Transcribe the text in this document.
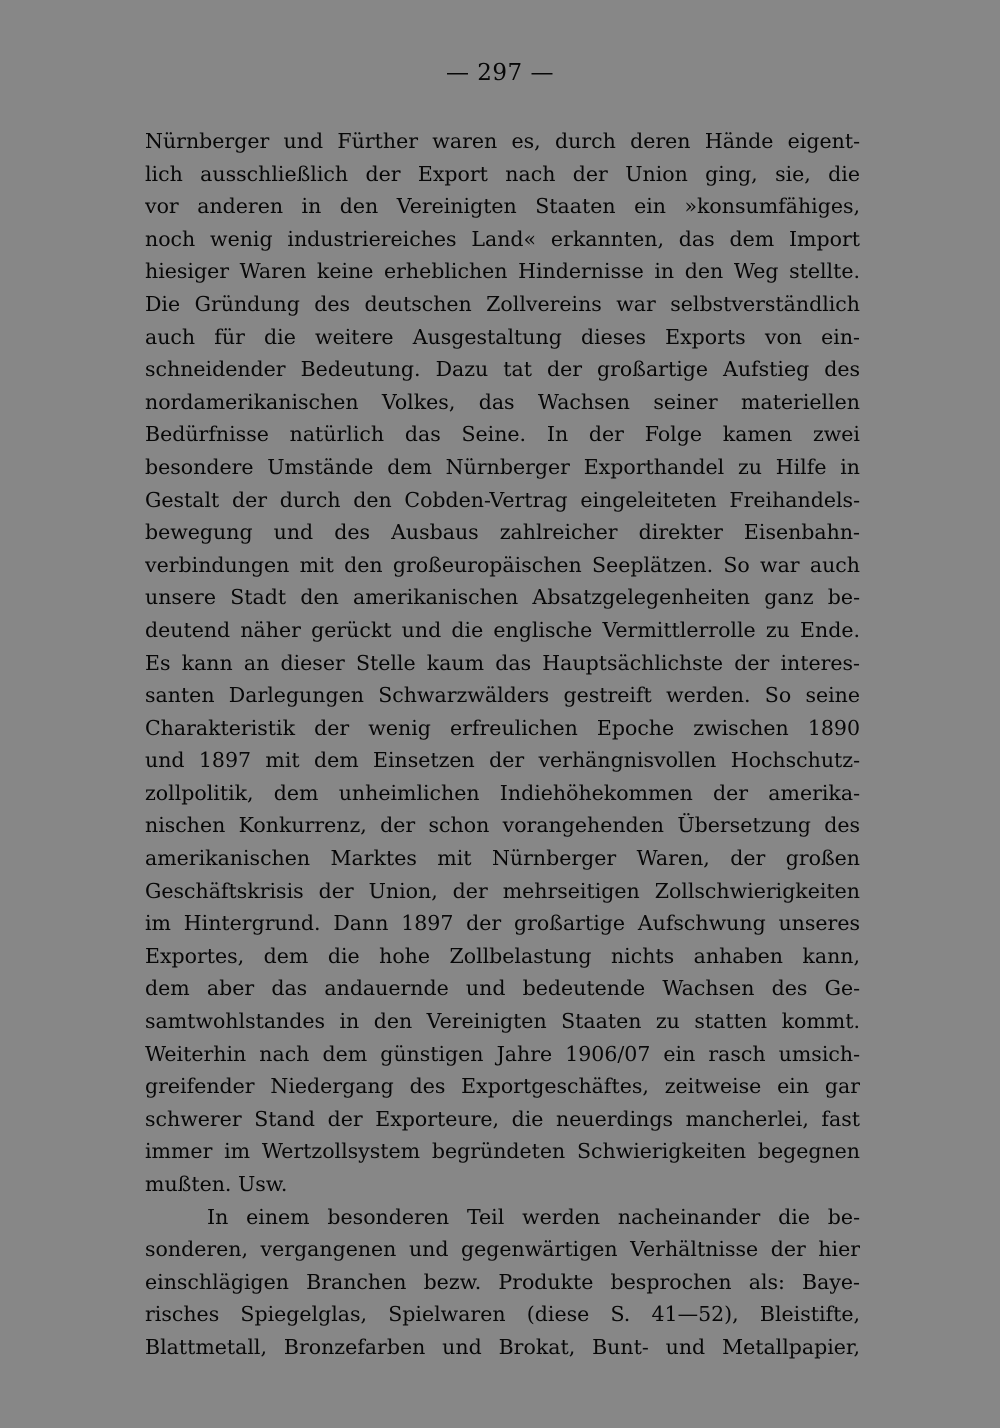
— 297 —
Nürnberger und Fürther waren es, durch deren Hände eigent-
lich ausschließlich der Export nach der Union ging, sie, die
vor anderen in den Vereinigten Staaten ein »konsumfähiges,
noch wenig industriereiches Land« erkannten, das dem Import
hiesiger Waren keine erheblichen Hindernisse in den Weg stellte.
Die Gründung des deutschen Zollvereins war selbstverständlich
auch für die weitere Ausgestaltung dieses Exports von ein-
schneidender Bedeutung. Dazu tat der großartige Aufstieg des
nordamerikanischen Volkes, das Wachsen seiner materiellen
Bedürfnisse natürlich das Seine. In der Folge kamen zwei
besondere Umstände dem Nürnberger Exporthandel zu Hilfe in
Gestalt der durch den Cobden-Vertrag eingeleiteten Freihandels-
bewegung und des Ausbaus zahlreicher direkter Eisenbahn-
verbindungen mit den großeuropäischen Seeplätzen. So war auch
unsere Stadt den amerikanischen Absatzgelegenheiten ganz be-
deutend näher gerückt und die englische Vermittlerrolle zu Ende.
Es kann an dieser Stelle kaum das Hauptsächlichste der interes-
santen Darlegungen Schwarzwälders gestreift werden. So seine
Charakteristik der wenig erfreulichen Epoche zwischen 1890
und 1897 mit dem Einsetzen der verhängnisvollen Hochschutz-
zollpolitik, dem unheimlichen Indiehöhekommen der amerika-
nischen Konkurrenz, der schon vorangehenden Übersetzung des
amerikanischen Marktes mit Nürnberger Waren, der großen
Geschäftskrisis der Union, der mehrseitigen Zollschwierigkeiten
im Hintergrund. Dann 1897 der großartige Aufschwung unseres
Exportes, dem die hohe Zollbelastung nichts anhaben kann,
dem aber das andauernde und bedeutende Wachsen des Ge-
samtwohlstandes in den Vereinigten Staaten zu statten kommt.
Weiterhin nach dem günstigen Jahre 1906/07 ein rasch umsich-
greifender Niedergang des Exportgeschäftes, zeitweise ein gar
schwerer Stand der Exporteure, die neuerdings mancherlei, fast
immer im Wertzollsystem begründeten Schwierigkeiten begegnen
mußten. Usw.
In einem besonderen Teil werden nacheinander die be-
sonderen, vergangenen und gegenwärtigen Verhältnisse der hier
einschlägigen Branchen bezw. Produkte besprochen als: Baye-
risches Spiegelglas, Spielwaren (diese S. 41—52), Bleistifte,
Blattmetall, Bronzefarben und Brokat, Bunt- und Metallpapier,
